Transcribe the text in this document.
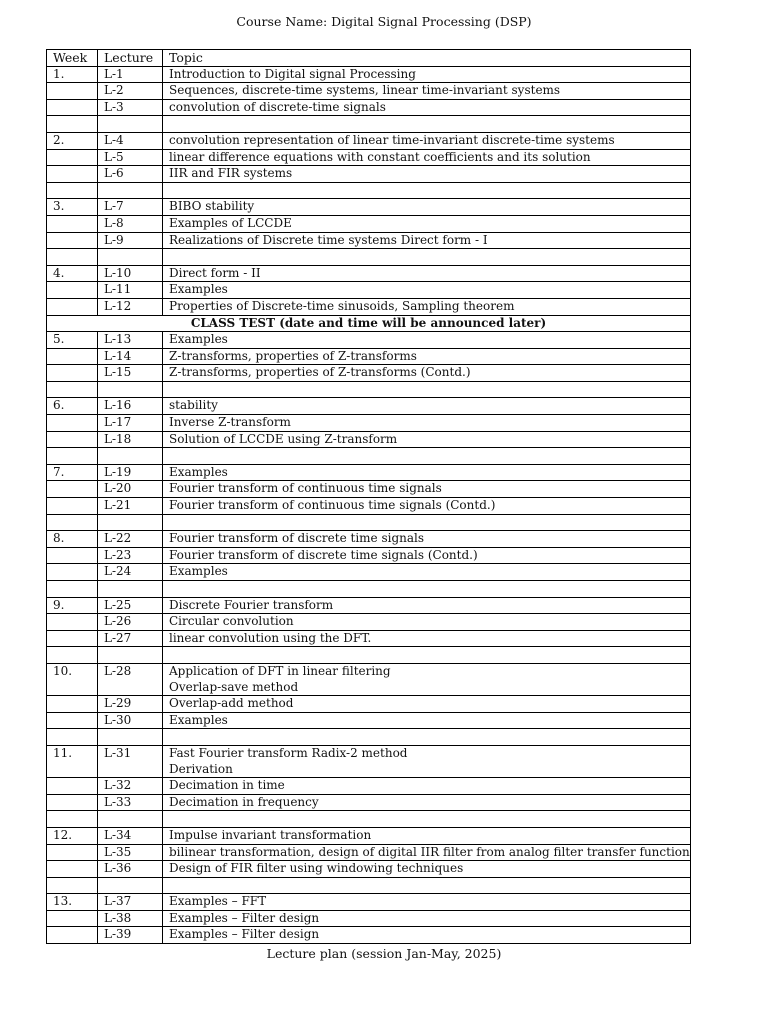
Course Name: Digital Signal Processing (DSP)
Week	Lecture	Topic
1.	L-1	Introduction to Digital signal Processing
	L-2	Sequences, discrete-time systems, linear time-invariant systems
	L-3	convolution of discrete-time signals

2.	L-4	convolution representation of linear time-invariant discrete-time systems
	L-5	linear difference equations with constant coefficients and its solution
	L-6	IIR and FIR systems

3.	L-7	BIBO stability
	L-8	Examples of LCCDE
	L-9	Realizations of Discrete time systems Direct form - I

4.	L-10	Direct form - II
	L-11	Examples
	L-12	Properties of Discrete-time sinusoids, Sampling theorem
CLASS TEST (date and time will be announced later)		
5.	L-13	Examples
	L-14	Z-transforms, properties of Z-transforms
	L-15	Z-transforms, properties of Z-transforms (Contd.)

6.	L-16	stability
	L-17	Inverse Z-transform
	L-18	Solution of LCCDE using Z-transform

7.	L-19	Examples
	L-20	Fourier transform of continuous time signals
	L-21	Fourier transform of continuous time signals (Contd.)

8.	L-22	Fourier transform of discrete time signals
	L-23	Fourier transform of discrete time signals (Contd.)
	L-24	Examples

9.	L-25	Discrete Fourier transform
	L-26	Circular convolution
	L-27	linear convolution using the DFT.

10.	L-28	Application of DFT in linear filtering
		Overlap-save method
	L-29	Overlap-add method
	L-30	Examples

11.	L-31	Fast Fourier transform Radix-2 method
		Derivation
	L-32	Decimation in time
	L-33	Decimation in frequency

12.	L-34	Impulse invariant transformation
	L-35	bilinear transformation, design of digital IIR filter from analog filter transfer function
	L-36	Design of FIR filter using windowing techniques

13.	L-37	Examples – FFT
	L-38	Examples – Filter design
	L-39	Examples – Filter design
Lecture plan (session Jan-May, 2025)
